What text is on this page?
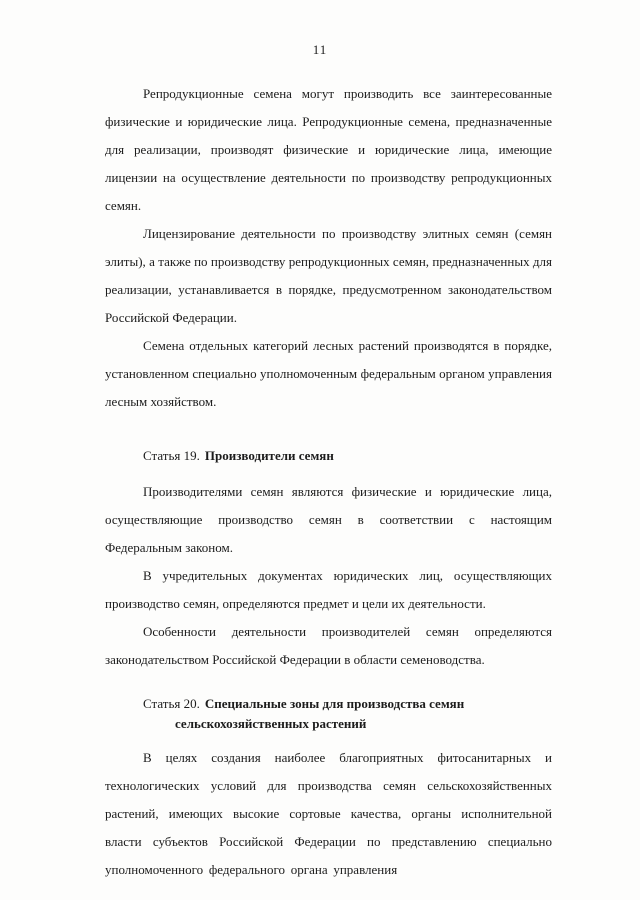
11

Репродукционные семена могут производить все заинтересованные физические и юридические лица. Репродукционные семена, предназначенные для реализации, производят физические и юридические лица, имеющие лицензии на осуществление деятельности по производству репродукционных семян.

Лицензирование деятельности по производству элитных семян (семян элиты), а также по производству репродукционных семян, предназначенных для реализации, устанавливается в порядке, предусмотренном законодательством Российской Федерации.

Семена отдельных категорий лесных растений производятся в порядке, установленном специально уполномоченным федеральным органом управления лесным хозяйством.

Статья 19. Производители семян

Производителями семян являются физические и юридические лица, осуществляющие производство семян в соответствии с настоящим Федеральным законом.

В учредительных документах юридических лиц, осуществляющих производство семян, определяются предмет и цели их деятельности.

Особенности деятельности производителей семян определяются законодательством Российской Федерации в области семеноводства.

Статья 20. Специальные зоны для производства семян
сельскохозяйственных растений

В целях создания наиболее благоприятных фитосанитарных и технологических условий для производства семян сельскохозяйственных растений, имеющих высокие сортовые качества, органы исполнительной власти субъектов Российской Федерации по представлению специально уполномоченного федерального органа управления
